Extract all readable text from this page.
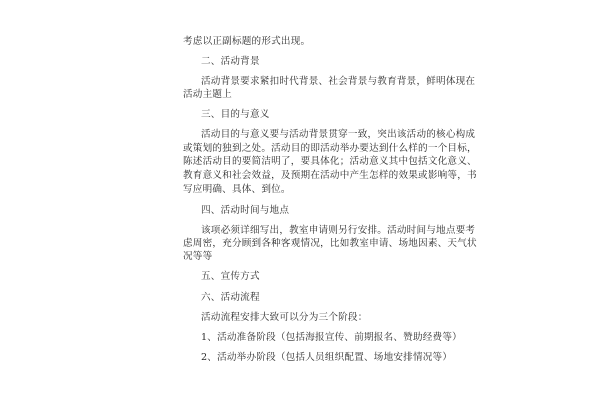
考虑以正副标题的形式出现。
二、活动背景
活动背景要求紧扣时代背景、社会背景与教育背景，鲜明体现在
活动主题上
三、目的与意义
活动目的与意义要与活动背景贯穿一致，突出该活动的核心构成
或策划的独到之处。活动目的即活动举办要达到什么样的一个目标，
陈述活动目的要简洁明了，要具体化；活动意义其中包括文化意义、
教育意义和社会效益，及预期在活动中产生怎样的效果或影响等，书
写应明确、具体、到位。
四、活动时间与地点
该项必须详细写出，教室申请则另行安排。活动时间与地点要考
虑周密，充分顾到各种客观情况，比如教室申请、场地因素、天气状
况等等
五、宣传方式
六、活动流程
活动流程安排大致可以分为三个阶段：
1、活动准备阶段（包括海报宣传、前期报名、赞助经费等）
2、活动举办阶段（包括人员组织配置、场地安排情况等）
